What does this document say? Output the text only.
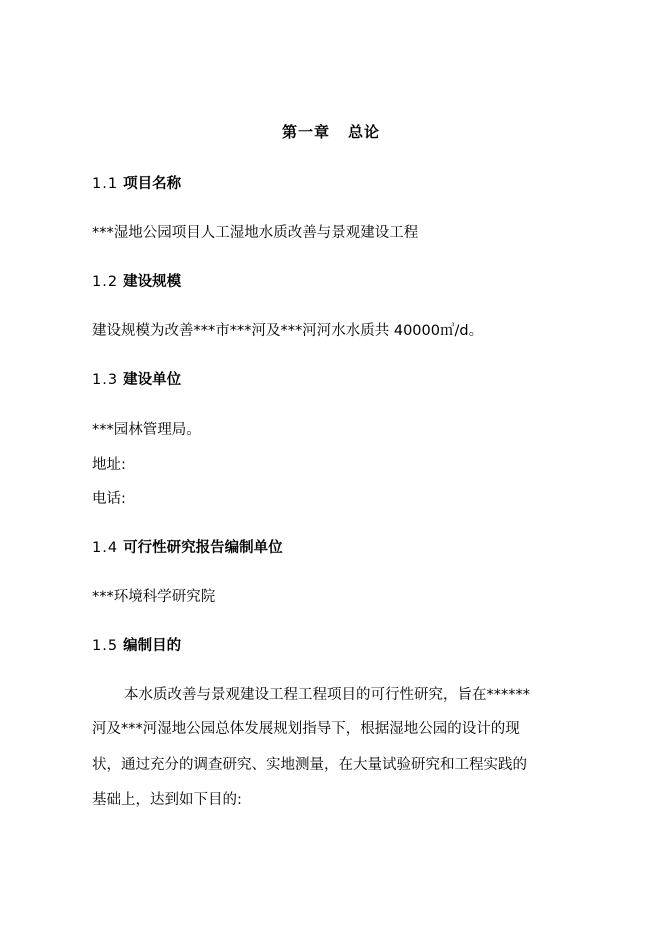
第一章 总论
1.1 项目名称
***湿地公园项目人工湿地水质改善与景观建设工程
1.2 建设规模
建设规模为改善***市***河及***河河水水质共 40000㎥/d。
1.3 建设单位
***园林管理局。
地址:
电话:
1.4 可行性研究报告编制单位
***环境科学研究院
1.5 编制目的
本水质改善与景观建设工程工程项目的可行性研究，旨在******
河及***河湿地公园总体发展规划指导下，根据湿地公园的设计的现
状，通过充分的调查研究、实地测量，在大量试验研究和工程实践的
基础上，达到如下目的:
